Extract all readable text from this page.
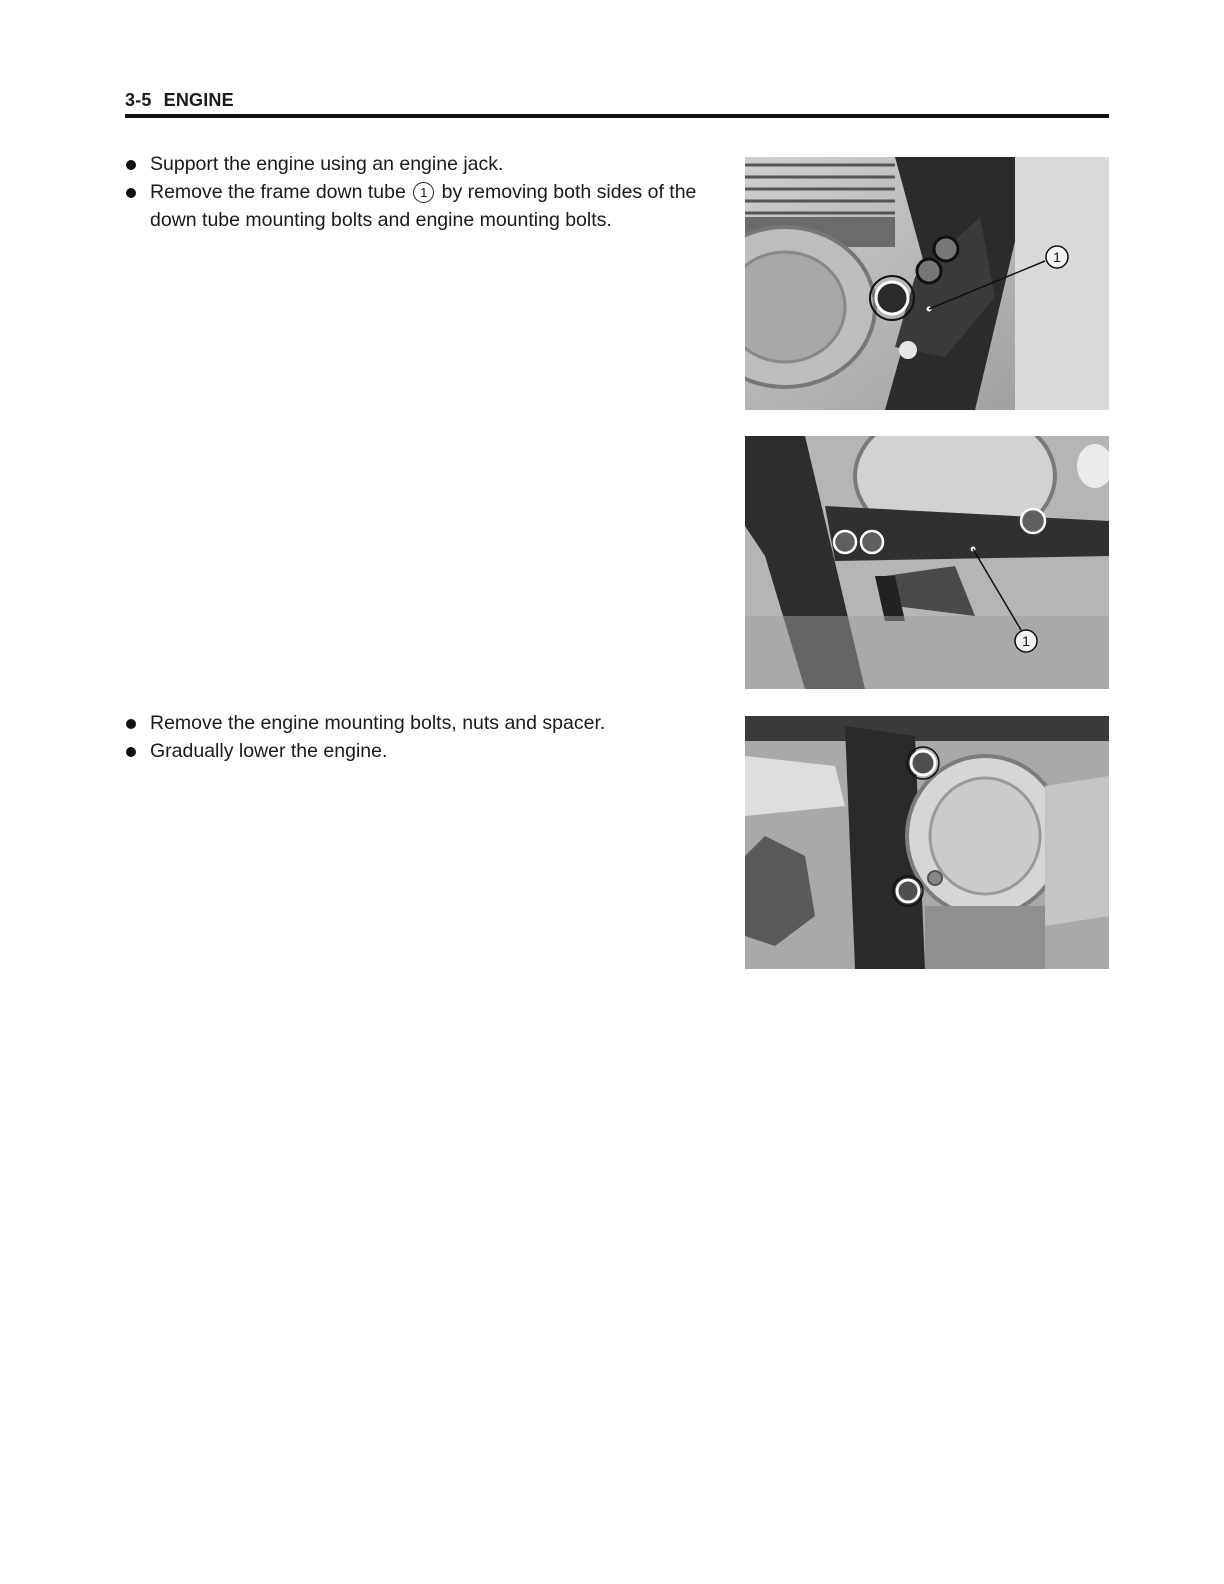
3-5 ENGINE
Support the engine using an engine jack.
Remove the frame down tube 1 by removing both sides of the down tube mounting bolts and engine mounting bolts.
Remove the engine mounting bolts, nuts and spacer.
Gradually lower the engine.
1
1
